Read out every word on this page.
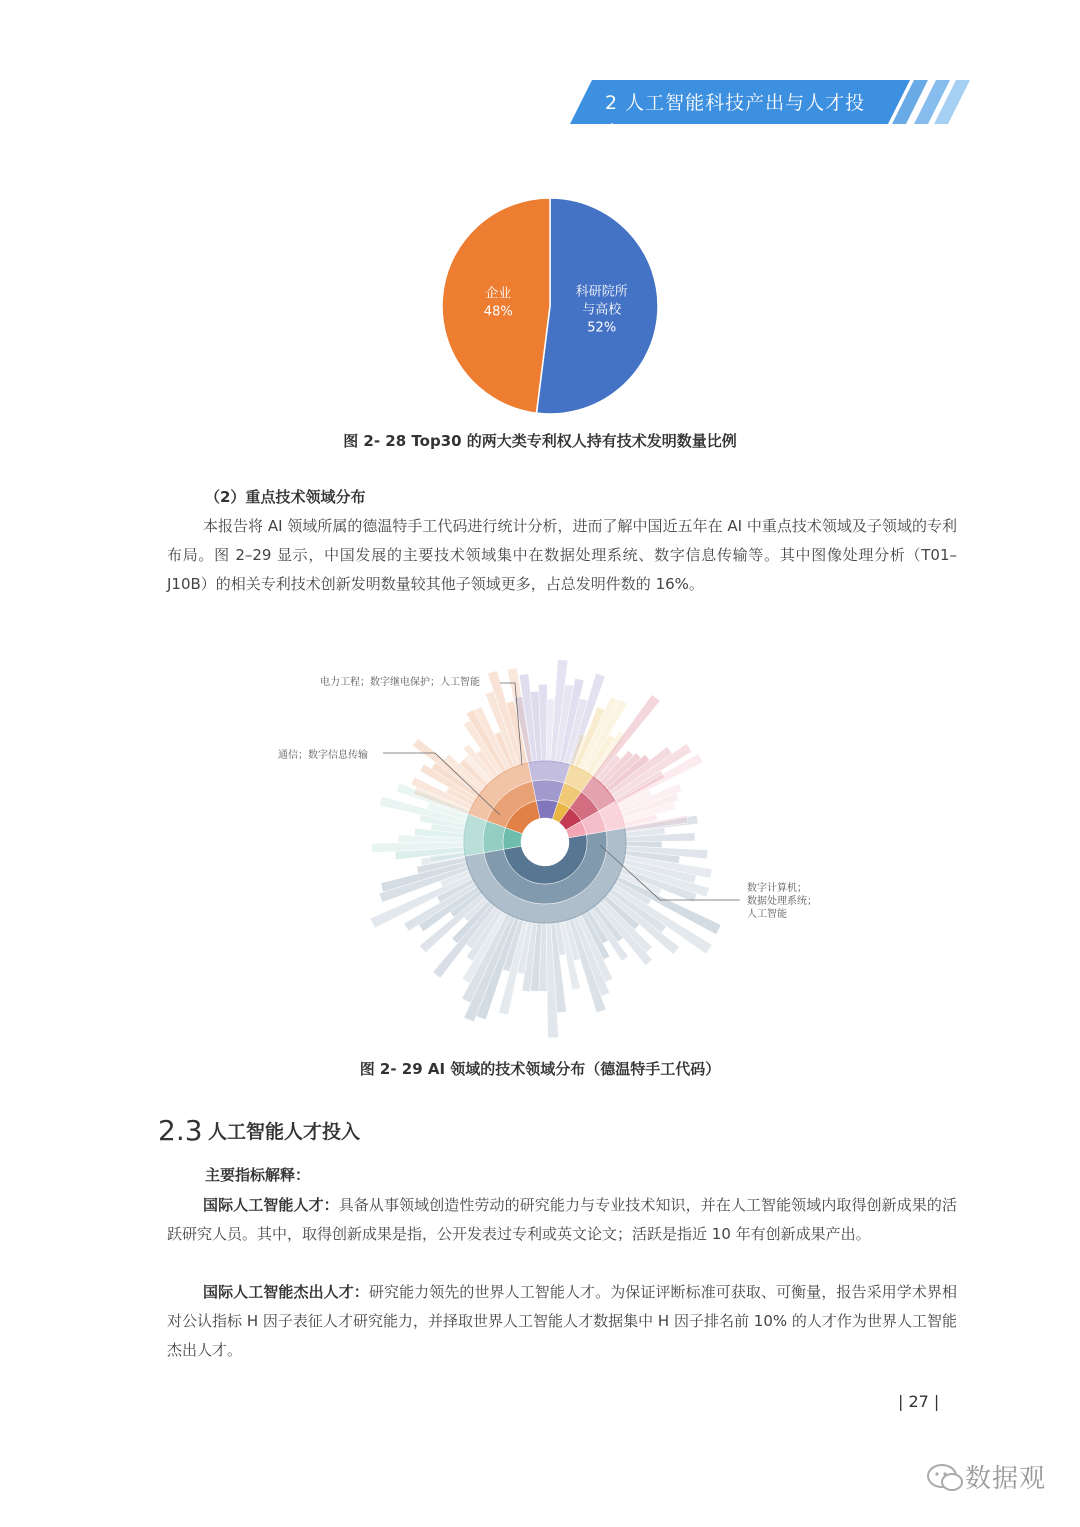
2 人工智能科技产出与人才投入
科研院所
与高校
52%
企业
48%
图 2- 28 Top30 的两大类专利权人持有技术发明数量比例
（2）重点技术领域分布
本报告将 AI 领域所属的德温特手工代码进行统计分析，进而了解中国近五年在 AI 中重点技术领域及子领域的专利布局。图 2–29 显示，中国发展的主要技术领域集中在数据处理系统、数字信息传输等。其中图像处理分析（T01–J10B）的相关专利技术创新发明数量较其他子领域更多，占总发明件数的 16%。
电力工程；数字继电保护；人工智能
通信；数字信息传输
数字计算机；
数据处理系统；
人工智能
图 2- 29 AI 领域的技术领域分布（德温特手工代码）
2.3 人工智能人才投入
主要指标解释：
国际人工智能人才：具备从事领域创造性劳动的研究能力与专业技术知识，并在人工智能领域内取得创新成果的活跃研究人员。其中，取得创新成果是指，公开发表过专利或英文论文；活跃是指近 10 年有创新成果产出。
国际人工智能杰出人才：研究能力领先的世界人工智能人才。为保证评断标准可获取、可衡量，报告采用学术界相对公认指标 H 因子表征人才研究能力，并择取世界人工智能人才数据集中 H 因子排名前 10% 的人才作为世界人工智能杰出人才。
| 27 |
数据观
